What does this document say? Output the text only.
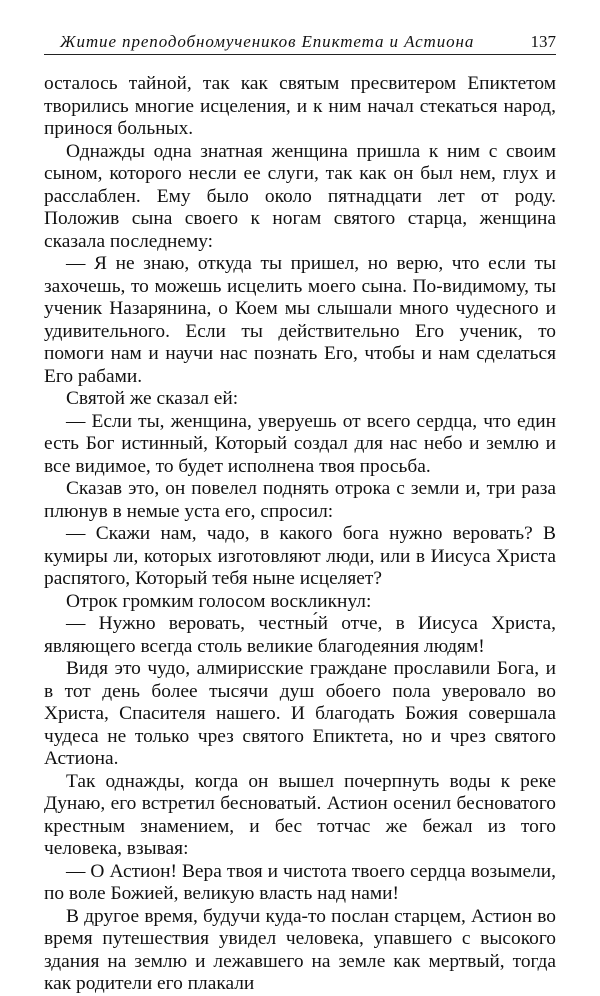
Житие преподобномучеников Епиктета и Астиона	137

осталось тайной, так как святым пресвитером Епиктетом творились многие исцеления, и к ним начал стекаться народ, принося больных.

Однажды одна знатная женщина пришла к ним с своим сыном, которого несли ее слуги, так как он был нем, глух и расслаблен. Ему было около пятнадцати лет от роду. Положив сына своего к ногам святого старца, женщина сказала последнему:

— Я не знаю, откуда ты пришел, но верю, что если ты захочешь, то можешь исцелить моего сына. По-видимому, ты ученик Назарянина, о Коем мы слышали много чудесного и удивительного. Если ты действительно Его ученик, то помоги нам и научи нас познать Его, чтобы и нам сделаться Его рабами.

Святой же сказал ей:

— Если ты, женщина, уверуешь от всего сердца, что един есть Бог истинный, Который создал для нас небо и землю и все видимое, то будет исполнена твоя просьба.

Сказав это, он повелел поднять отрока с земли и, три раза плюнув в немые уста его, спросил:

— Скажи нам, чадо, в какого бога нужно веровать? В кумиры ли, которых изготовляют люди, или в Иисуса Христа распятого, Который тебя ныне исцеляет?

Отрок громким голосом воскликнул:

— Нужно веровать, честны́й отче, в Иисуса Христа, являющего всегда столь великие благодеяния людям!

Видя это чудо, алмирисские граждане прославили Бога, и в тот день более тысячи душ обоего пола уверовало во Христа, Спасителя нашего. И благодать Божия совершала чудеса не только чрез святого Епиктета, но и чрез святого Астиона.

Так однажды, когда он вышел почерпнуть воды к реке Дунаю, его встретил бесноватый. Астион осенил бесноватого крестным знамением, и бес тотчас же бежал из того человека, взывая:

— О Астион! Вера твоя и чистота твоего сердца возымели, по воле Божией, великую власть над нами!

В другое время, будучи куда-то послан старцем, Астион во время путешествия увидел человека, упавшего с высокого здания на землю и лежавшего на земле как мертвый, тогда как родители его плакали
